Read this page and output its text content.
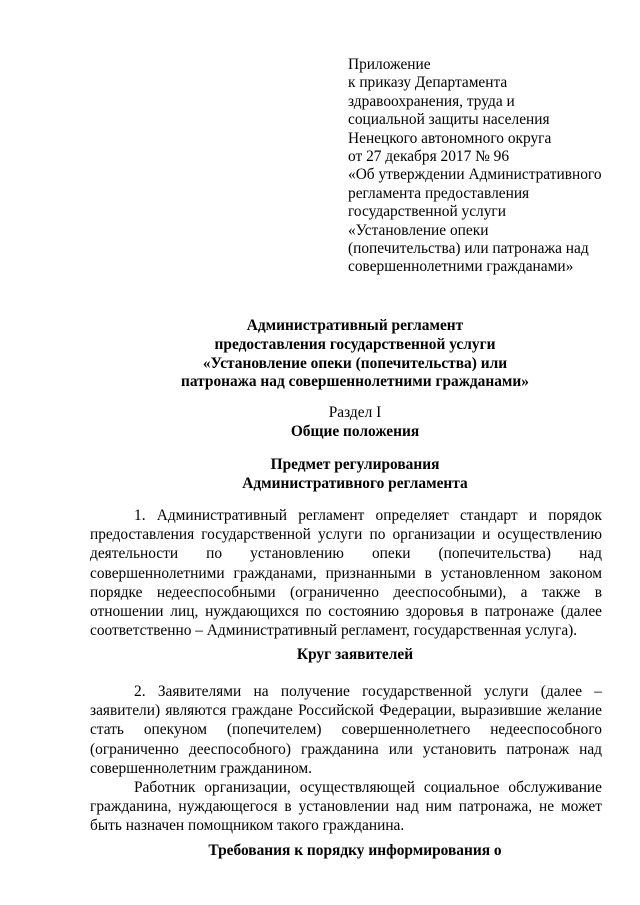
Приложение
к приказу Департамента
здравоохранения, труда и
социальной защиты населения
Ненецкого автономного округа
от 27 декабря 2017 № 96
«Об утверждении Административного
регламента предоставления
государственной услуги
«Установление опеки
(попечительства) или патронажа над
совершеннолетними гражданами»
Административный регламент
предоставления государственной услуги
«Установление опеки (попечительства) или
патронажа над совершеннолетними гражданами»
Раздел I
Общие положения
Предмет регулирования
Административного регламента
1. Административный регламент определяет стандарт и порядок
предоставления государственной услуги по организации и осуществлению
деятельности по установлению опеки (попечительства) над
совершеннолетними гражданами, признанными в установленном законом
порядке недееспособными (ограниченно дееспособными), а также в
отношении лиц, нуждающихся по состоянию здоровья в патронаже (далее
соответственно – Административный регламент, государственная услуга).
Круг заявителей
2. Заявителями на получение государственной услуги (далее –
заявители) являются граждане Российской Федерации, выразившие желание
стать опекуном (попечителем) совершеннолетнего недееспособного
(ограниченно дееспособного) гражданина или установить патронаж над
совершеннолетним гражданином.
Работник организации, осуществляющей социальное обслуживание
гражданина, нуждающегося в установлении над ним патронажа, не может
быть назначен помощником такого гражданина.
Требования к порядку информирования о
